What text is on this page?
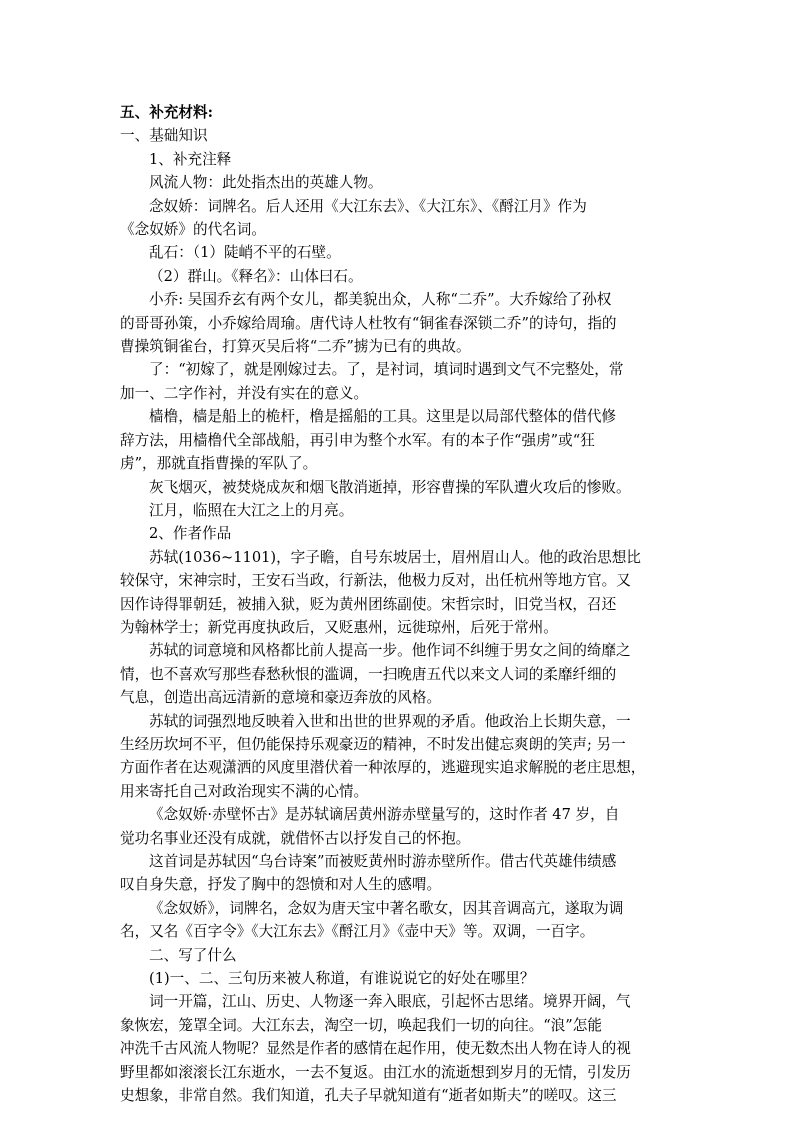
五、补充材料:
一、基础知识
1、补充注释
风流人物：此处指杰出的英雄人物。
念奴娇：词牌名。后人还用《大江东去》、《大江东》、《酹江月》作为
《念奴娇》的代名词。
乱石：（1）陡峭不平的石壁。
（2）群山。《释名》：山体曰石。
小乔: 吴国乔玄有两个女儿，都美貌出众，人称“二乔”。大乔嫁给了孙权
的哥哥孙策，小乔嫁给周瑜。唐代诗人杜牧有“铜雀春深锁二乔”的诗句，指的
曹操筑铜雀台，打算灭吴后将“二乔”掳为已有的典故。
了：“初嫁了，就是刚嫁过去。了，是衬词，填词时遇到文气不完整处，常
加一、二字作衬，并没有实在的意义。
樯橹，樯是船上的桅杆，橹是摇船的工具。这里是以局部代整体的借代修
辞方法，用樯橹代全部战船，再引申为整个水军。有的本子作“强虏”或“狂
虏”，那就直指曹操的军队了。
灰飞烟灭，被焚烧成灰和烟飞散消逝掉，形容曹操的军队遭火攻后的惨败。
江月，临照在大江之上的月亮。
2、作者作品
苏轼(1036~1101)，字子瞻，自号东坡居士，眉州眉山人。他的政治思想比
较保守，宋神宗时，王安石当政，行新法，他极力反对，出任杭州等地方官。又
因作诗得罪朝廷，被捕入狱，贬为黄州团练副使。宋哲宗时，旧党当权，召还
为翰林学士；新党再度执政后，又贬惠州，远徙琼州，后死于常州。
苏轼的词意境和风格都比前人提高一步。他作词不纠缠于男女之间的绮靡之
情，也不喜欢写那些春愁秋恨的滥调，一扫晚唐五代以来文人词的柔靡纤细的
气息，创造出高远清新的意境和豪迈奔放的风格。
苏轼的词强烈地反映着入世和出世的世界观的矛盾。他政治上长期失意，一
生经历坎坷不平，但仍能保持乐观豪迈的精神，不时发出健忘爽朗的笑声; 另一
方面作者在达观潇洒的风度里潜伏着一种浓厚的，逃避现实追求解脱的老庄思想，
用来寄托自己对政治现实不满的心情。
《念奴娇·赤壁怀古》是苏轼谪居黄州游赤壁量写的，这时作者 47 岁，自
觉功名事业还没有成就，就借怀古以抒发自己的怀抱。
这首词是苏轼因“乌台诗案”而被贬黄州时游赤壁所作。借古代英雄伟绩感
叹自身失意，抒发了胸中的怨愤和对人生的感喟。
《念奴娇》，词牌名，念奴为唐天宝中著名歌女，因其音调高亢，遂取为调
名，又名《百字令》《大江东去》《酹江月》《壶中天》等。双调，一百字。
二、写了什么
(1)一、二、三句历来被人称道，有谁说说它的好处在哪里？
词一开篇，江山、历史、人物逐一奔入眼底，引起怀古思绪。境界开阔，气
象恢宏，笼罩全词。大江东去，淘空一切，唤起我们一切的向往。“浪”怎能
冲洗千古风流人物呢？显然是作者的感情在起作用，使无数杰出人物在诗人的视
野里都如滚滚长江东逝水，一去不复返。由江水的流逝想到岁月的无情，引发历
史想象，非常自然。我们知道，孔夫子早就知道有“逝者如斯夫”的嗟叹。这三
